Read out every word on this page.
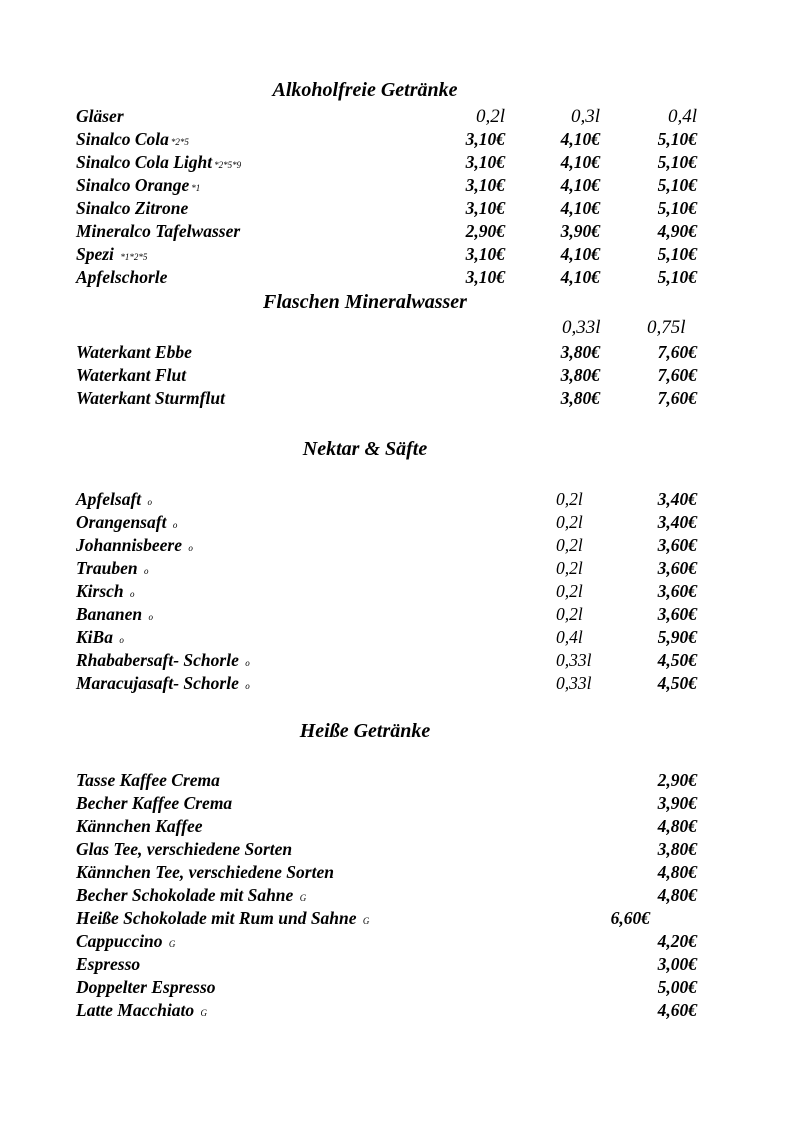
Alkoholfreie Getränke
Gläser	0,2l	0,3l	0,4l
Sinalco Cola *2*5	3,10€	4,10€	5,10€
Sinalco Cola Light *2*5*9	3,10€	4,10€	5,10€
Sinalco Orange *1	3,10€	4,10€	5,10€
Sinalco Zitrone	3,10€	4,10€	5,10€
Mineralco Tafelwasser	2,90€	3,90€	4,90€
Spezi *1*2*5	3,10€	4,10€	5,10€
Apfelschorle	3,10€	4,10€	5,10€
Flaschen Mineralwasser
0,33l 0,75l
Waterkant Ebbe	3,80€	7,60€
Waterkant Flut	3,80€	7,60€
Waterkant Sturmflut	3,80€	7,60€
Nektar & Säfte
Apfelsaft o	0,2l	3,40€
Orangensaft o	0,2l	3,40€
Johannisbeere o	0,2l	3,60€
Trauben o	0,2l	3,60€
Kirsch o	0,2l	3,60€
Bananen o	0,2l	3,60€
KiBa o	0,4l	5,90€
Rhababersaft- Schorle o	0,33l	4,50€
Maracujasaft- Schorle o	0,33l	4,50€
Heiße Getränke
Tasse Kaffee Crema	2,90€
Becher Kaffee Crema	3,90€
Kännchen Kaffee	4,80€
Glas Tee, verschiedene Sorten	3,80€
Kännchen Tee, verschiedene Sorten	4,80€
Becher Schokolade mit Sahne G	4,80€
Heiße Schokolade mit Rum und Sahne G	6,60€
Cappuccino G	4,20€
Espresso	3,00€
Doppelter Espresso	5,00€
Latte Macchiato G	4,60€
